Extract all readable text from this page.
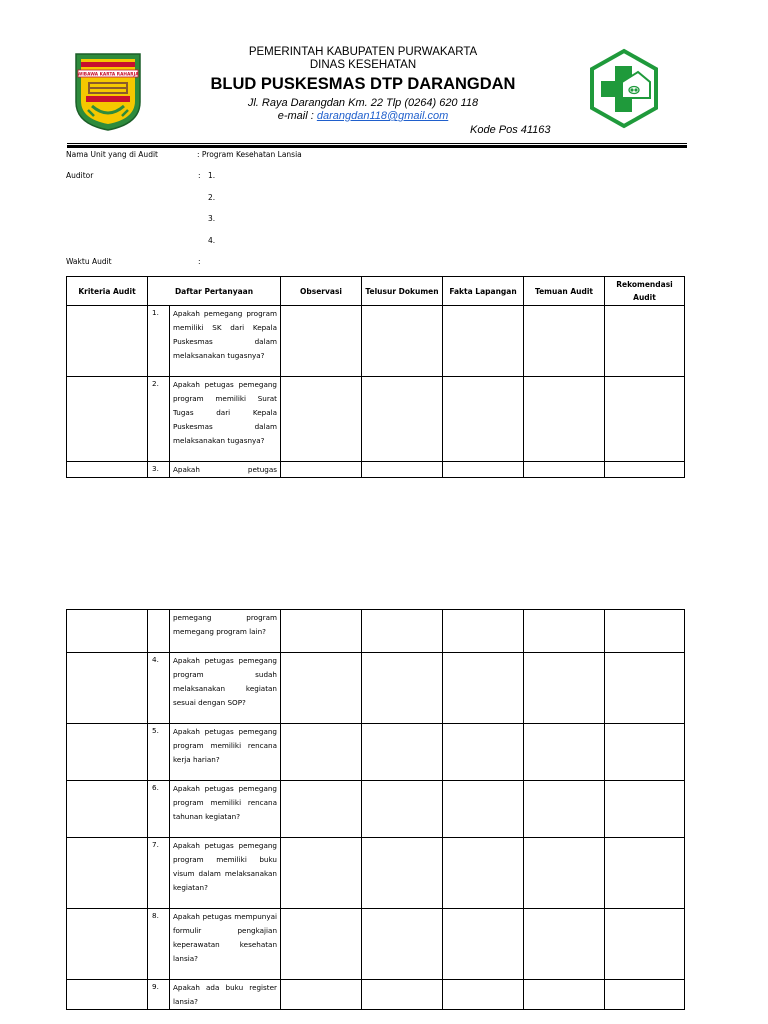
WIBAWA KARTA RAHARJA
PEMERINTAH KABUPATEN PURWAKARTA
DINAS KESEHATAN
BLUD PUSKESMAS DTP DARANGDAN
Jl. Raya Darangdan Km. 22 Tlp (0264) 620 118
e-mail : darangdan118@gmail.com
Kode Pos 41163
Nama Unit yang di Audit	: Program Kesehatan Lansia
Auditor	: 1.
2.
3.
4.
Waktu Audit	:
Kriteria Audit	Daftar Pertanyaan		Observasi	Telusur Dokumen	Fakta Lapangan	Temuan Audit	Rekomendasi Audit
	1.	Apakah pemegang program memiliki SK dari Kepala Puskesmas dalam melaksanakan tugasnya?					
	2.	Apakah petugas pemegang program memiliki Surat Tugas dari Kepala Puskesmas dalam melaksanakan tugasnya?					
	3.	Apakah petugas					
		pemegang program memegang program lain?					
	4.	Apakah petugas pemegang program sudah melaksanakan kegiatan sesuai dengan SOP?					
	5.	Apakah petugas pemegang program memiliki rencana kerja harian?					
	6.	Apakah petugas pemegang program memiliki rencana tahunan kegiatan?					
	7.	Apakah petugas pemegang program memiliki buku visum dalam melaksanakan kegiatan?					
	8.	Apakah petugas mempunyai formulir pengkajian keperawatan kesehatan lansia?					
	9.	Apakah ada buku register lansia?					
